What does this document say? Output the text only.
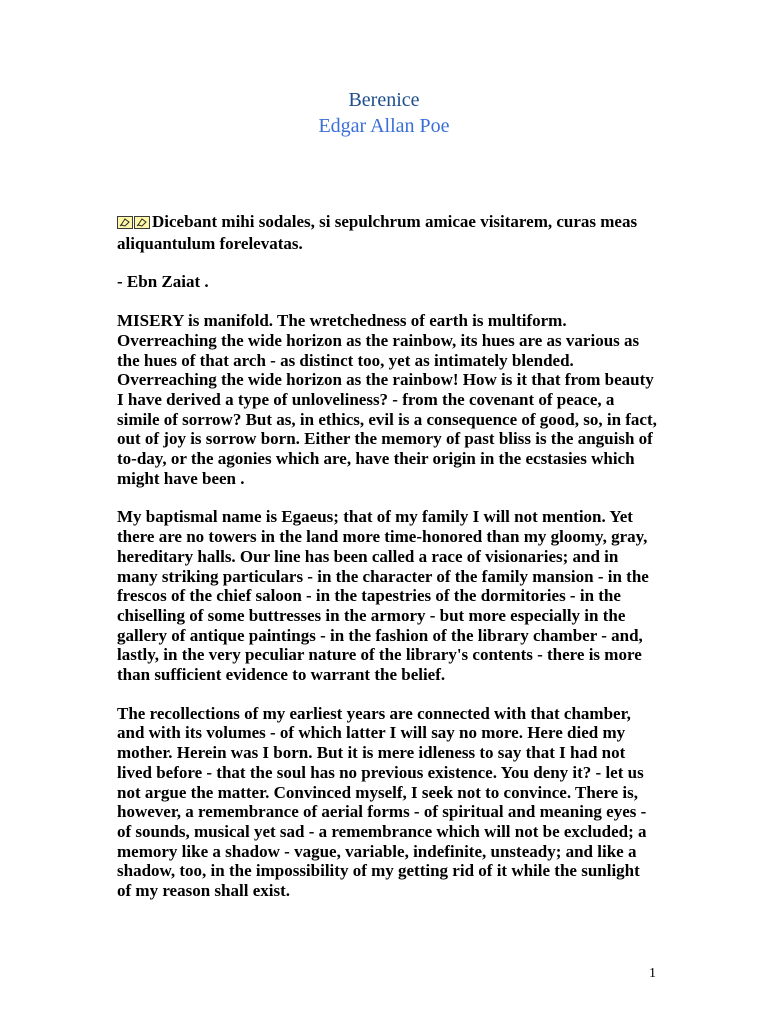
Berenice
Edgar Allan Poe

Dicebant mihi sodales, si sepulchrum amicae visitarem, curas meas aliquantulum forelevatas.

- Ebn Zaiat .

MISERY is manifold. The wretchedness of earth is multiform. Overreaching the wide horizon as the rainbow, its hues are as various as the hues of that arch - as distinct too, yet as intimately blended. Overreaching the wide horizon as the rainbow! How is it that from beauty I have derived a type of unloveliness? - from the covenant of peace, a simile of sorrow? But as, in ethics, evil is a consequence of good, so, in fact, out of joy is sorrow born. Either the memory of past bliss is the anguish of to-day, or the agonies which are, have their origin in the ecstasies which might have been .

My baptismal name is Egaeus; that of my family I will not mention. Yet there are no towers in the land more time-honored than my gloomy, gray, hereditary halls. Our line has been called a race of visionaries; and in many striking particulars - in the character of the family mansion - in the frescos of the chief saloon - in the tapestries of the dormitories - in the chiselling of some buttresses in the armory - but more especially in the gallery of antique paintings - in the fashion of the library chamber - and, lastly, in the very peculiar nature of the library's contents - there is more than sufficient evidence to warrant the belief.

The recollections of my earliest years are connected with that chamber, and with its volumes - of which latter I will say no more. Here died my mother. Herein was I born. But it is mere idleness to say that I had not lived before - that the soul has no previous existence. You deny it? - let us not argue the matter. Convinced myself, I seek not to convince. There is, however, a remembrance of aerial forms - of spiritual and meaning eyes - of sounds, musical yet sad - a remembrance which will not be excluded; a memory like a shadow - vague, variable, indefinite, unsteady; and like a shadow, too, in the impossibility of my getting rid of it while the sunlight of my reason shall exist.

1
